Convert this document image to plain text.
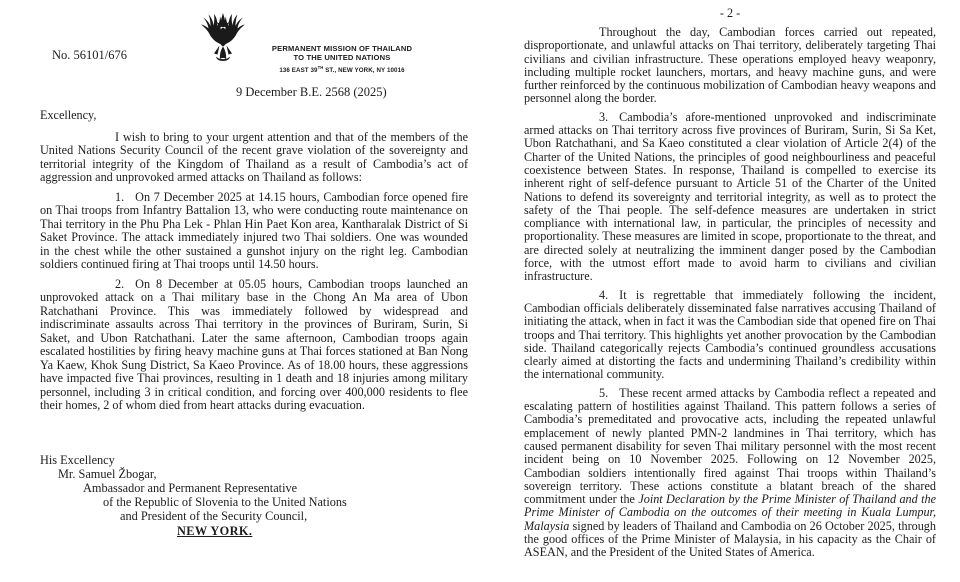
No. 56101/676	PERMANENT MISSION OF THAILAND
TO THE UNITED NATIONS
136 EAST 39TH ST., NEW YORK, NY 10016
9 December B.E. 2568 (2025)
Excellency,

I wish to bring to your urgent attention and that of the members of the United Nations Security Council of the recent grave violation of the sovereignty and territorial integrity of the Kingdom of Thailand as a result of Cambodia’s act of aggression and unprovoked armed attacks on Thailand as follows:

1. On 7 December 2025 at 14.15 hours, Cambodian force opened fire on Thai troops from Infantry Battalion 13, who were conducting route maintenance on Thai territory in the Phu Pha Lek - Phlan Hin Paet Kon area, Kantharalak District of Si Saket Province. The attack immediately injured two Thai soldiers. One was wounded in the chest while the other sustained a gunshot injury on the right leg. Cambodian soldiers continued firing at Thai troops until 14.50 hours.

2. On 8 December at 05.05 hours, Cambodian troops launched an unprovoked attack on a Thai military base in the Chong An Ma area of Ubon Ratchathani Province. This was immediately followed by widespread and indiscriminate assaults across Thai territory in the provinces of Buriram, Surin, Si Saket, and Ubon Ratchathani. Later the same afternoon, Cambodian troops again escalated hostilities by firing heavy machine guns at Thai forces stationed at Ban Nong Ya Kaew, Khok Sung District, Sa Kaeo Province. As of 18.00 hours, these aggressions have impacted five Thai provinces, resulting in 1 death and 18 injuries among military personnel, including 3 in critical condition, and forcing over 400,000 residents to flee their homes, 2 of whom died from heart attacks during evacuation.

His Excellency
Mr. Samuel Žbogar,
Ambassador and Permanent Representative
of the Republic of Slovenia to the United Nations
and President of the Security Council,
NEW YORK.
- 2 -

Throughout the day, Cambodian forces carried out repeated, disproportionate, and unlawful attacks on Thai territory, deliberately targeting Thai civilians and civilian infrastructure. These operations employed heavy weaponry, including multiple rocket launchers, mortars, and heavy machine guns, and were further reinforced by the continuous mobilization of Cambodian heavy weapons and personnel along the border.

3. Cambodia’s afore-mentioned unprovoked and indiscriminate armed attacks on Thai territory across five provinces of Buriram, Surin, Si Sa Ket, Ubon Ratchathani, and Sa Kaeo constituted a clear violation of Article 2(4) of the Charter of the United Nations, the principles of good neighbourliness and peaceful coexistence between States. In response, Thailand is compelled to exercise its inherent right of self-defence pursuant to Article 51 of the Charter of the United Nations to defend its sovereignty and territorial integrity, as well as to protect the safety of the Thai people. The self-defence measures are undertaken in strict compliance with international law, in particular, the principles of necessity and proportionality. These measures are limited in scope, proportionate to the threat, and are directed solely at neutralizing the imminent danger posed by the Cambodian force, with the utmost effort made to avoid harm to civilians and civilian infrastructure.

4. It is regrettable that immediately following the incident, Cambodian officials deliberately disseminated false narratives accusing Thailand of initiating the attack, when in fact it was the Cambodian side that opened fire on Thai troops and Thai territory. This highlights yet another provocation by the Cambodian side. Thailand categorically rejects Cambodia’s continued groundless accusations clearly aimed at distorting the facts and undermining Thailand’s credibility within the international community.

5. These recent armed attacks by Cambodia reflect a repeated and escalating pattern of hostilities against Thailand. This pattern follows a series of Cambodia’s premeditated and provocative acts, including the repeated unlawful emplacement of newly planted PMN-2 landmines in Thai territory, which has caused permanent disability for seven Thai military personnel with the most recent incident being on 10 November 2025. Following on 12 November 2025, Cambodian soldiers intentionally fired against Thai troops within Thailand’s sovereign territory. These actions constitute a blatant breach of the shared commitment under the Joint Declaration by the Prime Minister of Thailand and the Prime Minister of Cambodia on the outcomes of their meeting in Kuala Lumpur, Malaysia signed by leaders of Thailand and Cambodia on 26 October 2025, through the good offices of the Prime Minister of Malaysia, in his capacity as the Chair of ASEAN, and the President of the United States of America.
